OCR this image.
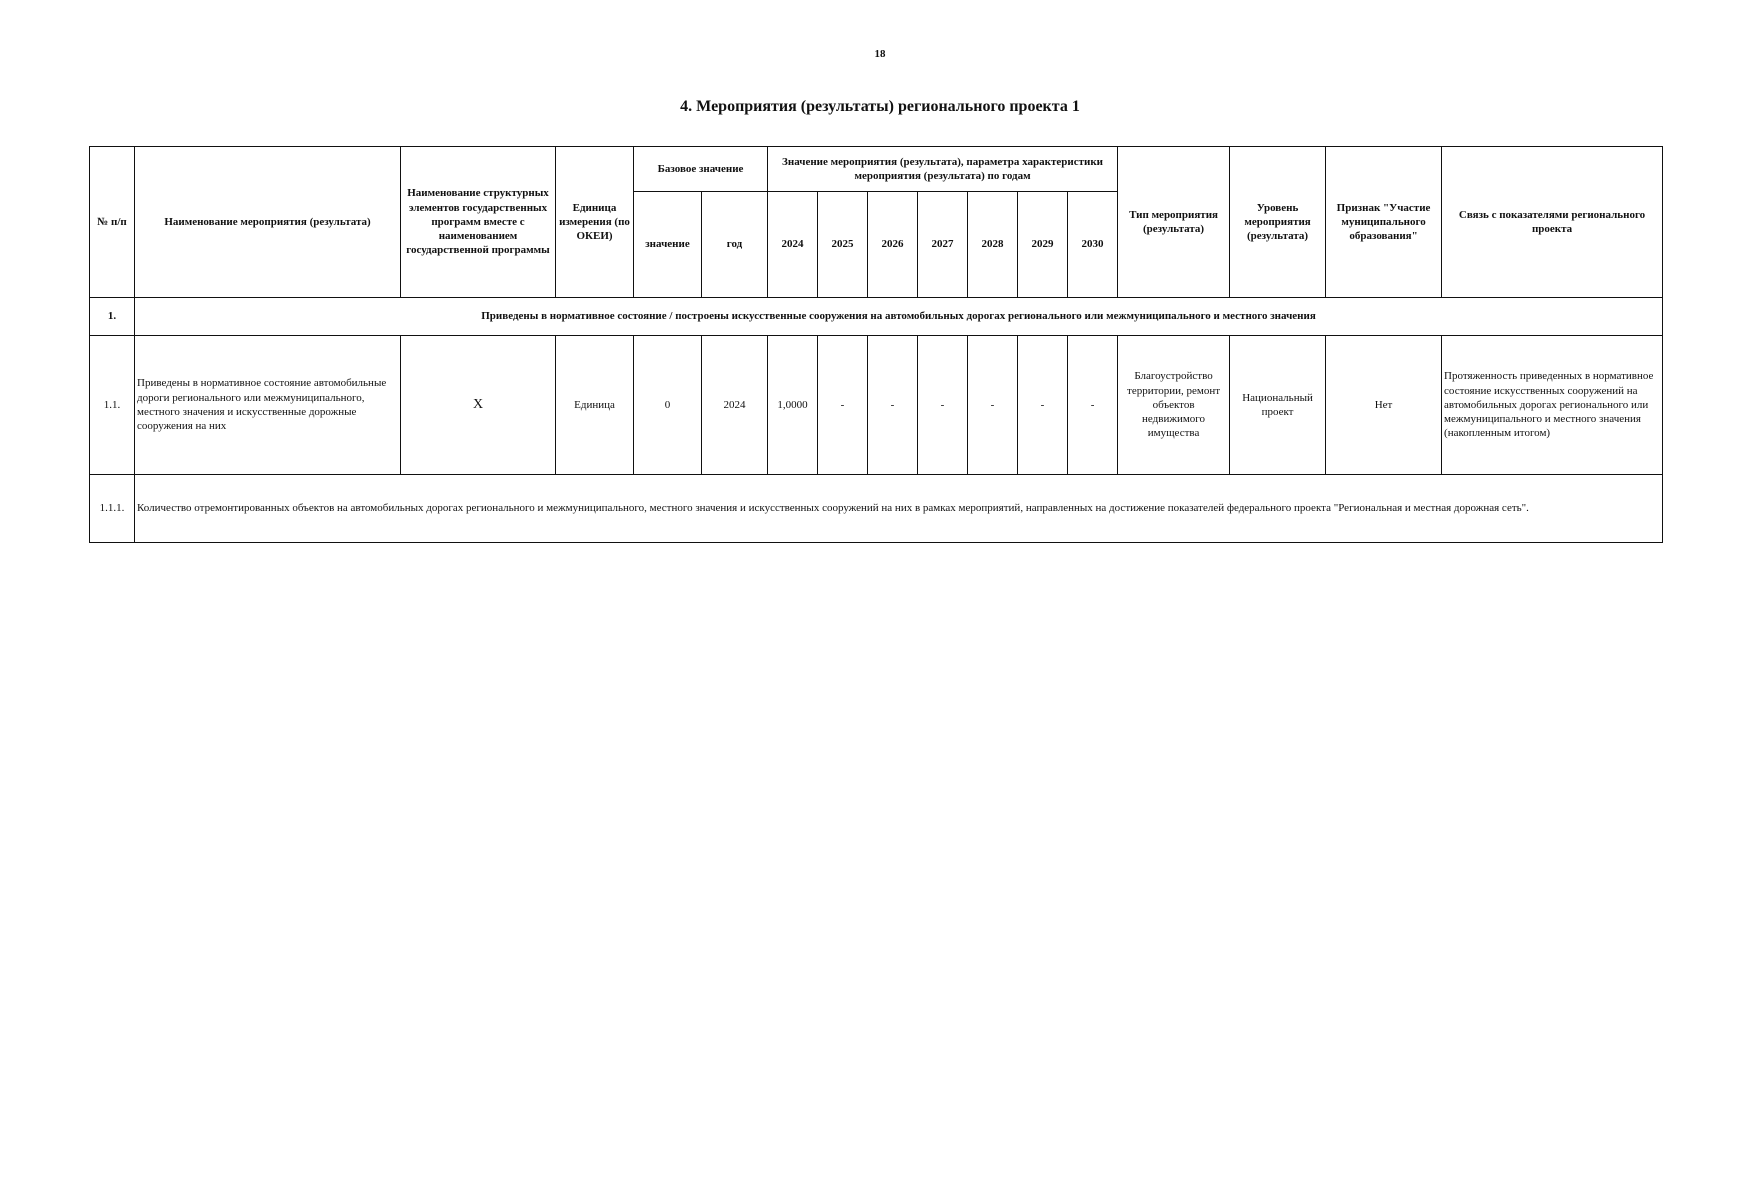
18
4. Мероприятия (результаты) регионального проекта 1
№ п/п	Наименование мероприятия (результата)	Наименование структурных элементов государственных программ вместе с наименованием государственной программы	Единица измерения (по ОКЕИ)	Базовое значение		Значение мероприятия (результата), параметра характеристики мероприятия (результата) по годам							Тип мероприятия (результата)	Уровень мероприятия (результата)	Признак "Участие муниципального образования"	Связь с показателями регионального проекта
				значение	год	2024	2025	2026	2027	2028	2029	2030				
1.	Приведены в нормативное состояние / построены искусственные сооружения на автомобильных дорогах регионального или межмуниципального и местного значения															
1.1.	Приведены в нормативное состояние автомобильные дороги регионального или межмуниципального, местного значения и искусственные дорожные сооружения на них	X	Единица	0	2024	1,0000	-	-	-	-	-	-	Благоустройство территории, ремонт объектов недвижимого имущества	Национальный проект	Нет	Протяженность приведенных в нормативное состояние искусственных сооружений на автомобильных дорогах регионального или межмуниципального и местного значения (накопленным итогом)
1.1.1.	Количество отремонтированных объектов на автомобильных дорогах регионального и межмуниципального, местного значения и искусственных сооружений на них в рамках мероприятий, направленных на достижение показателей федерального проекта "Региональная и местная дорожная сеть".															
